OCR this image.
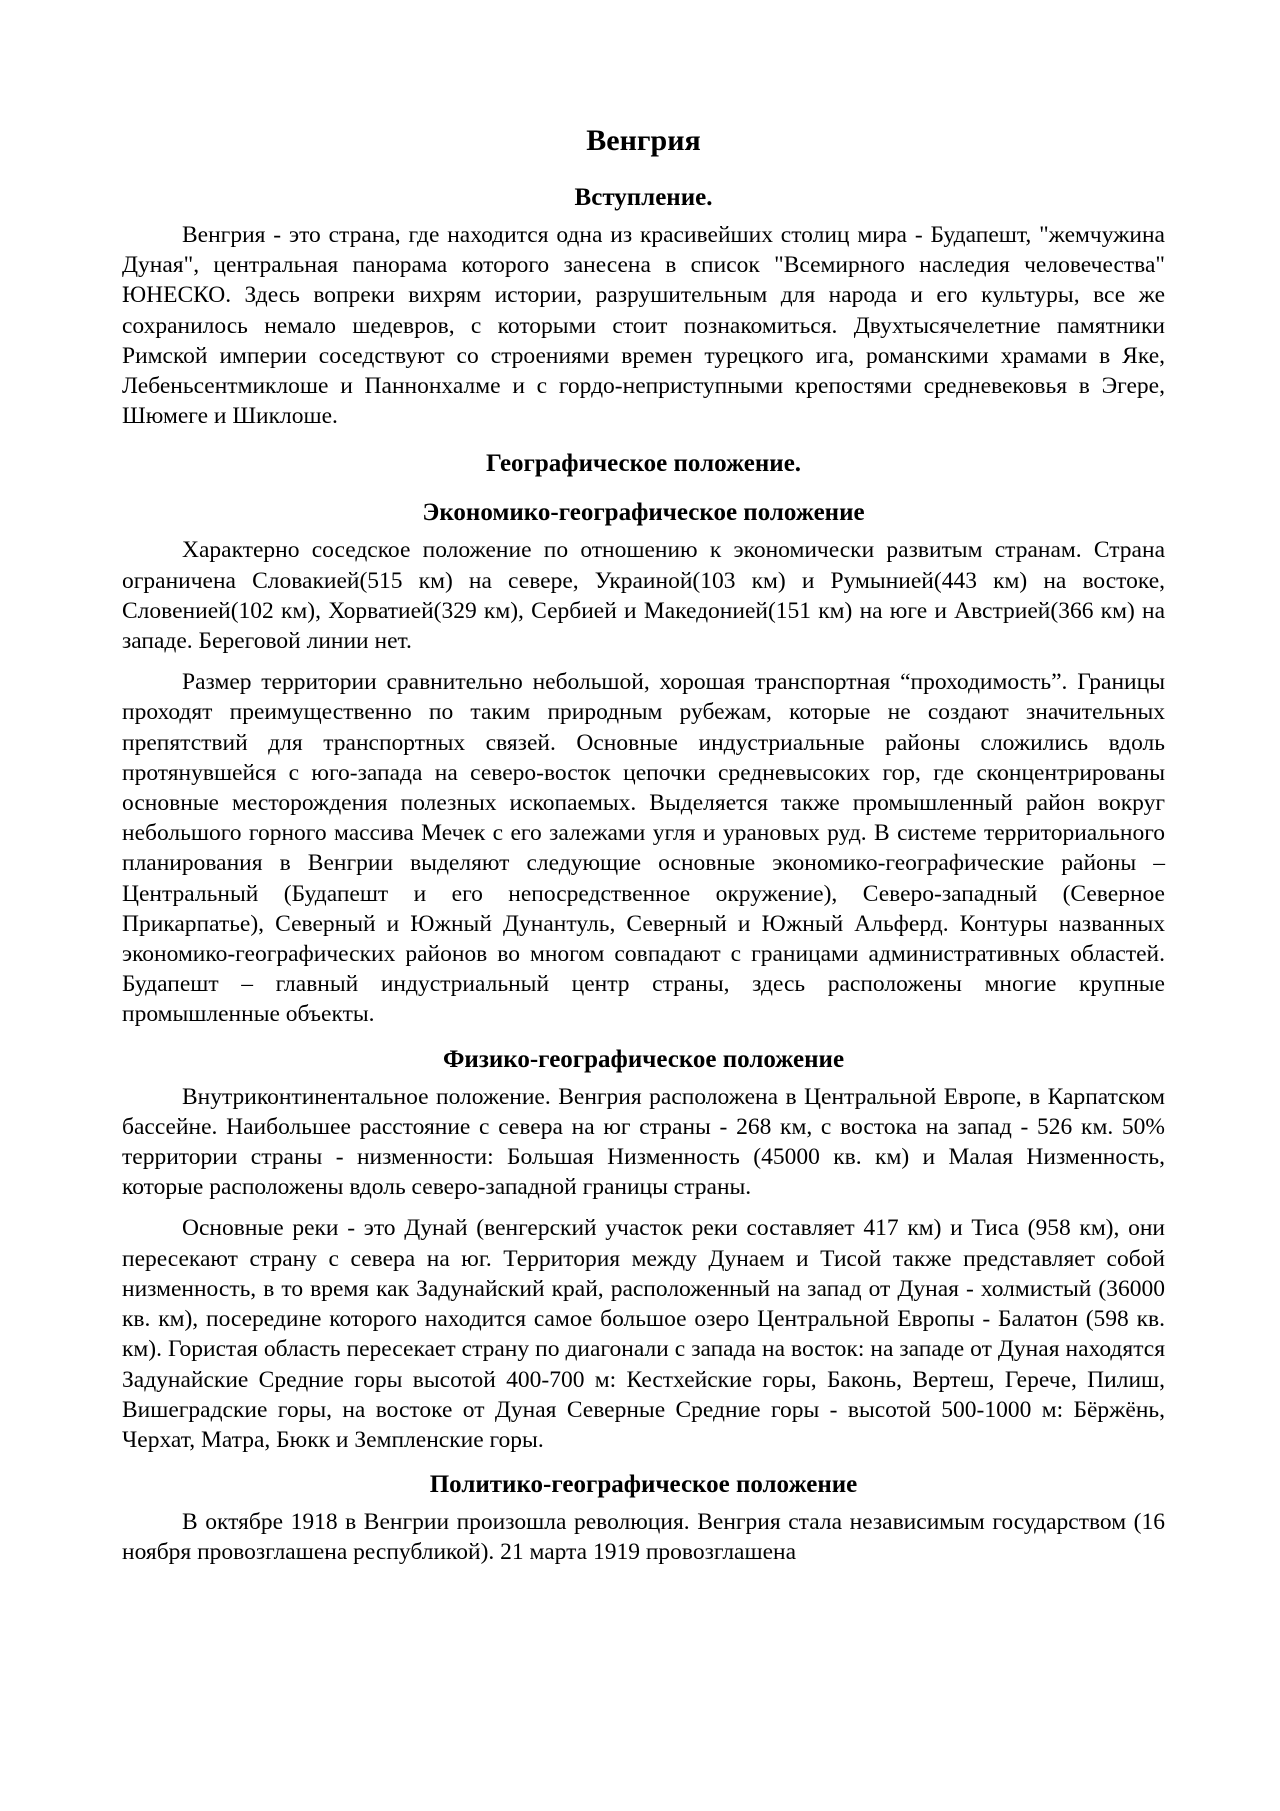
Венгрия
Вступление.

Венгрия - это страна, где находится одна из красивейших столиц мира - Будапешт, "жемчужина Дуная", центральная панорама которого занесена в список "Всемирного наследия человечества" ЮНЕСКО. Здесь вопреки вихрям истории, разрушительным для народа и его культуры, все же сохранилось немало шедевров, с которыми стоит познакомиться. Двухтысячелетние памятники Римской империи соседствуют со строениями времен турецкого ига, романскими храмами в Яке, Лебеньсентмиклоше и Паннонхалме и с гордо-неприступными крепостями средневековья в Эгере, Шюмеге и Шиклоше.

Географическое положение.
Экономико-географическое положение

Характерно соседское положение по отношению к экономически развитым странам. Страна ограничена Словакией(515 км) на севере, Украиной(103 км) и Румынией(443 км) на востоке, Словенией(102 км), Хорватией(329 км), Сербией и Македонией(151 км) на юге и Австрией(366 км) на западе. Береговой линии нет.

Размер территории сравнительно небольшой, хорошая транспортная “проходимость”. Границы проходят преимущественно по таким природным рубежам, которые не создают значительных препятствий для транспортных связей. Основные индустриальные районы сложились вдоль протянувшейся с юго-запада на северо-восток цепочки средневысоких гор, где сконцентрированы основные месторождения полезных ископаемых. Выделяется также промышленный район вокруг небольшого горного массива Мечек с его залежами угля и урановых руд. В системе территориального планирования в Венгрии выделяют следующие основные экономико-географические районы – Центральный (Будапешт и его непосредственное окружение), Северо-западный (Северное Прикарпатье), Северный и Южный Дунантуль, Северный и Южный Альферд. Контуры названных экономико-географических районов во многом совпадают с границами административных областей. Будапешт – главный индустриальный центр страны, здесь расположены многие крупные промышленные объекты.

Физико-географическое положение

Внутриконтинентальное положение. Венгрия расположена в Центральной Европе, в Карпатском бассейне. Наибольшее расстояние с севера на юг страны - 268 км, с востока на запад - 526 км. 50% территории страны - низменности: Большая Низменность (45000 кв. км) и Малая Низменность, которые расположены вдоль северо-западной границы страны.

Основные реки - это Дунай (венгерский участок реки составляет 417 км) и Тиса (958 км), они пересекают страну с севера на юг. Территория между Дунаем и Тисой также представляет собой низменность, в то время как Задунайский край, расположенный на запад от Дуная - холмистый (36000 кв. км), посередине которого находится самое большое озеро Центральной Европы - Балатон (598 кв. км). Гористая область пересекает страну по диагонали с запада на восток: на западе от Дуная находятся Задунайские Средние горы высотой 400-700 м: Кестхейские горы, Баконь, Вертеш, Герече, Пилиш, Вишеградские горы, на востоке от Дуная Северные Средние горы - высотой 500-1000 м: Бёржёнь, Черхат, Матра, Бюкк и Земпленские горы.

Политико-географическое положение

В октябре 1918 в Венгрии произошла революция. Венгрия стала независимым государством (16 ноября провозглашена республикой). 21 марта 1919 провозглашена
